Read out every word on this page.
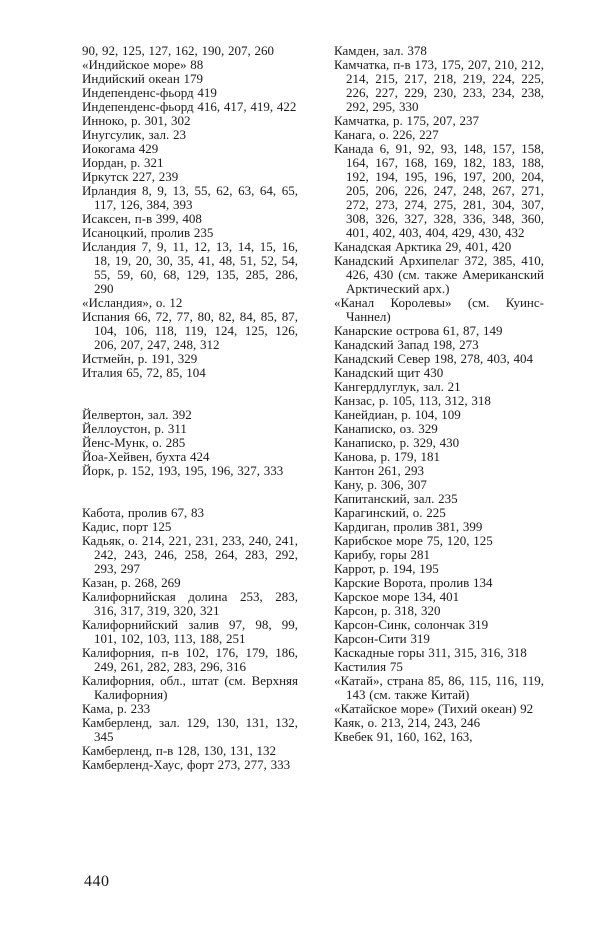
90, 92, 125, 127, 162, 190, 207, 260
«Индийское море» 88
Индийский океан 179
Индепенденс-фьорд 419
Индепенденс-фьорд 416, 417, 419, 422
Инноко, р. 301, 302
Инугсулик, зал. 23
Иокогама 429
Иордан, р. 321
Иркутск 227, 239
Ирландия 8, 9, 13, 55, 62, 63, 64, 65, 117, 126, 384, 393
Исаксен, п-в 399, 408
Исаноцкий, пролив 235
Исландия 7, 9, 11, 12, 13, 14, 15, 16, 18, 19, 20, 30, 35, 41, 48, 51, 52, 54, 55, 59, 60, 68, 129, 135, 285, 286, 290
«Исландия», о. 12
Испания 66, 72, 77, 80, 82, 84, 85, 87, 104, 106, 118, 119, 124, 125, 126, 206, 207, 247, 248, 312
Истмейн, р. 191, 329
Италия 65, 72, 85, 104
Йелвертон, зал. 392
Йеллоустон, р. 311
Йенс-Мунк, о. 285
Йоа-Хейвен, бухта 424
Йорк, р. 152, 193, 195, 196, 327, 333
Кабота, пролив 67, 83
Кадис, порт 125
Кадьяк, о. 214, 221, 231, 233, 240, 241, 242, 243, 246, 258, 264, 283, 292, 293, 297
Казан, р. 268, 269
Калифорнийская долина 253, 283, 316, 317, 319, 320, 321
Калифорнийский залив 97, 98, 99, 101, 102, 103, 113, 188, 251
Калифорния, п-в 102, 176, 179, 186, 249, 261, 282, 283, 296, 316
Калифорния, обл., штат (см. Верхняя Калифорния)
Кама, р. 233
Камберленд, зал. 129, 130, 131, 132, 345
Камберленд, п-в 128, 130, 131, 132
Камберленд-Хаус, форт 273, 277, 333
Камден, зал. 378
Камчатка, п-в 173, 175, 207, 210, 212, 214, 215, 217, 218, 219, 224, 225, 226, 227, 229, 230, 233, 234, 238, 292, 295, 330
Камчатка, р. 175, 207, 237
Канага, о. 226, 227
Канада 6, 91, 92, 93, 148, 157, 158, 164, 167, 168, 169, 182, 183, 188, 192, 194, 195, 196, 197, 200, 204, 205, 206, 226, 247, 248, 267, 271, 272, 273, 274, 275, 281, 304, 307, 308, 326, 327, 328, 336, 348, 360, 401, 402, 403, 404, 429, 430, 432
Канадская Арктика 29, 401, 420
Канадский Архипелаг 372, 385, 410, 426, 430 (см. также Американский Арктический арх.)
«Канал Королевы» (см. Куинс-Чаннел)
Канарские острова 61, 87, 149
Канадский Запад 198, 273
Канадский Север 198, 278, 403, 404
Канадский щит 430
Кангердлуглук, зал. 21
Канзас, р. 105, 113, 312, 318
Канейдиан, р. 104, 109
Канаписко, оз. 329
Канаписко, р. 329, 430
Канова, р. 179, 181
Кантон 261, 293
Кану, р. 306, 307
Капитанский, зал. 235
Карагинский, о. 225
Кардиган, пролив 381, 399
Карибское море 75, 120, 125
Карибу, горы 281
Каррот, р. 194, 195
Карские Ворота, пролив 134
Карское море 134, 401
Карсон, р. 318, 320
Карсон-Синк, солончак 319
Карсон-Сити 319
Каскадные горы 311, 315, 316, 318
Кастилия 75
«Катай», страна 85, 86, 115, 116, 119, 143 (см. также Китай)
«Катайское море» (Тихий океан) 92
Каяк, о. 213, 214, 243, 246
Квебек 91, 160, 162, 163,
440
